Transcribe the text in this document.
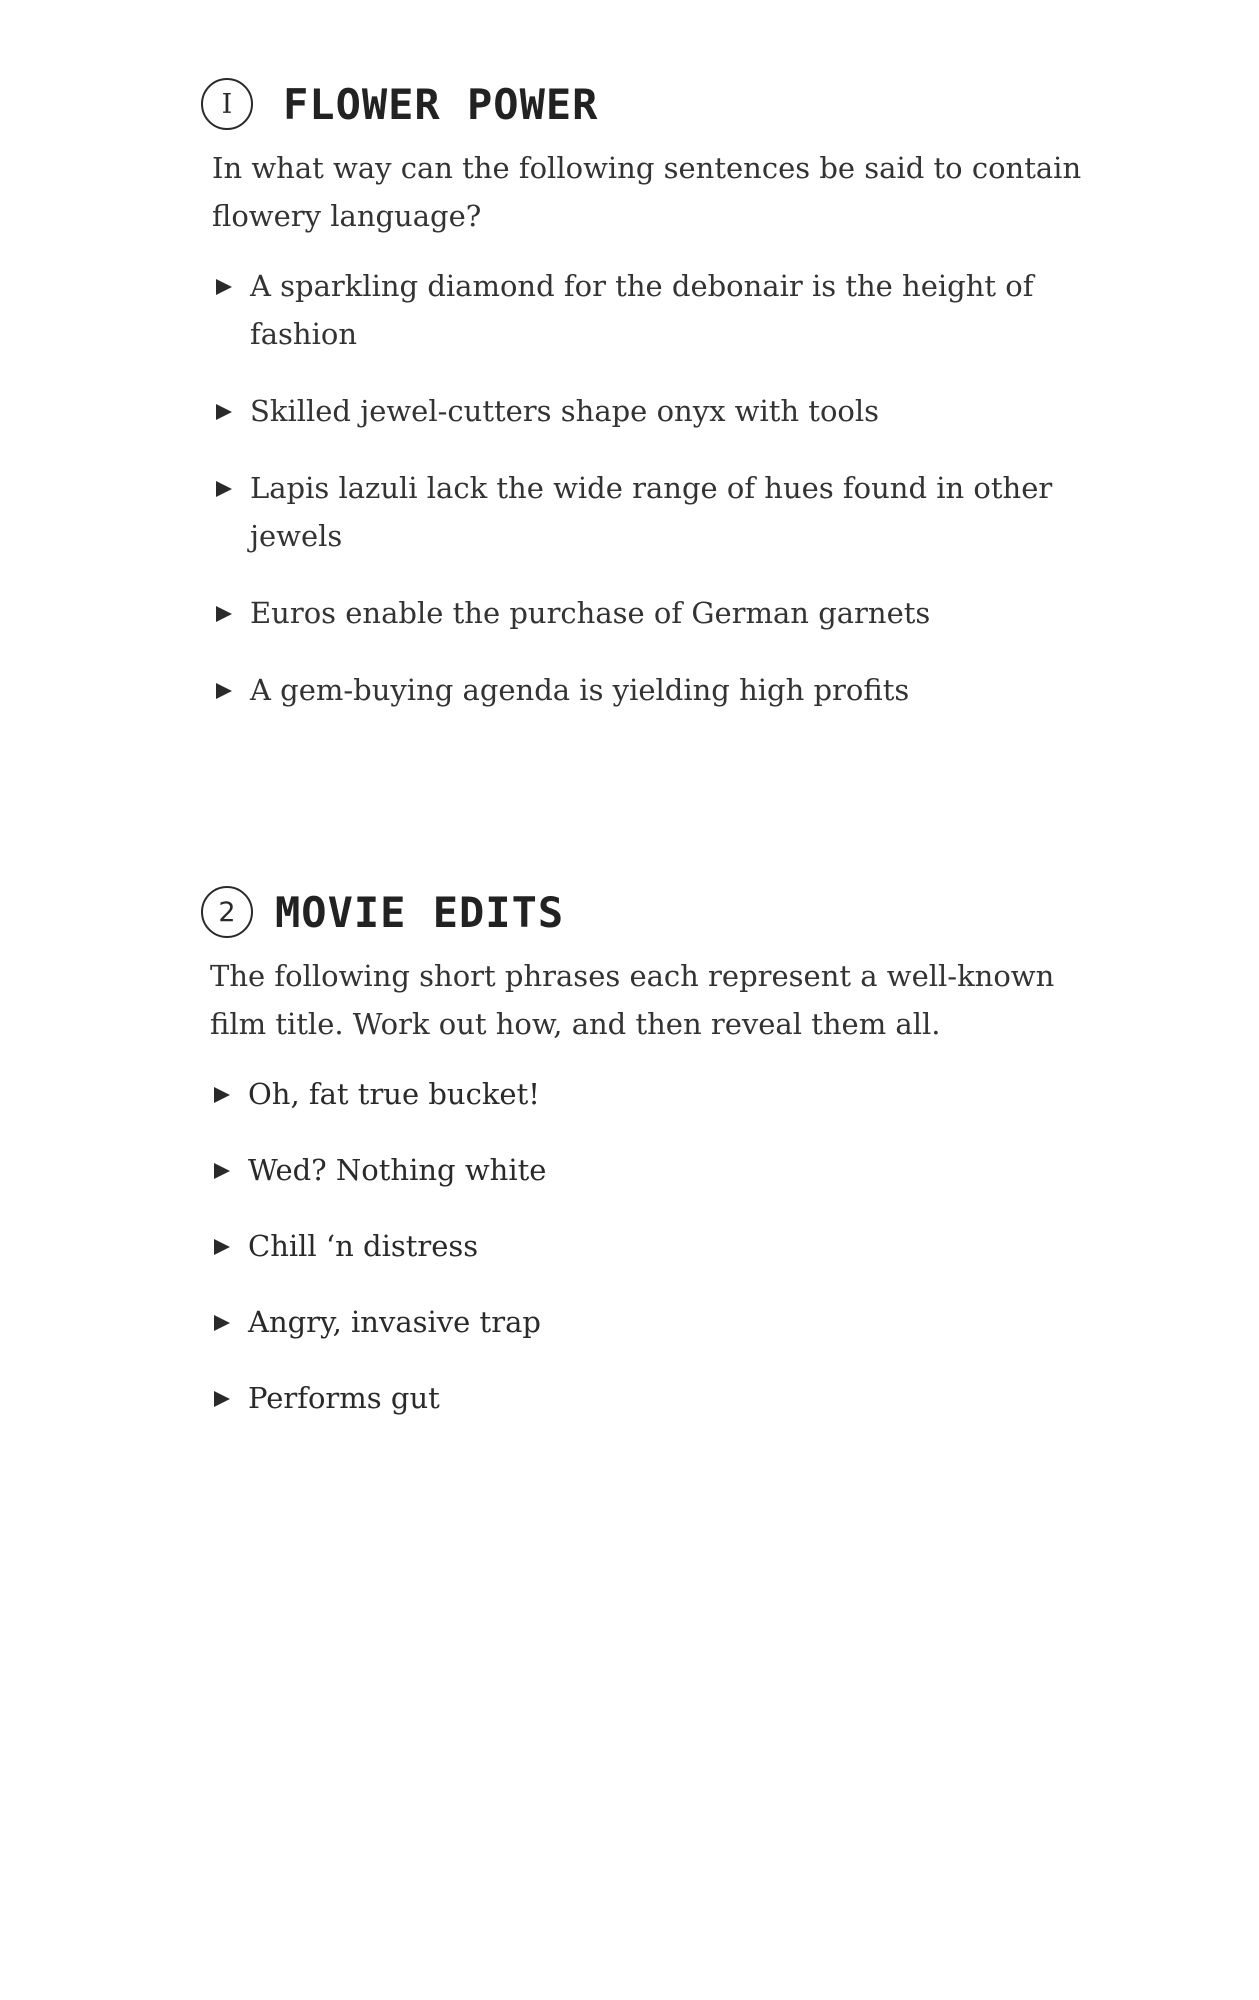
I	FLOWER POWER

In what way can the following sentences be said to contain flowery language?

A sparkling diamond for the debonair is the height of fashion
Skilled jewel-cutters shape onyx with tools
Lapis lazuli lack the wide range of hues found in other jewels
Euros enable the purchase of German garnets
A gem-buying agenda is yielding high profits
2 MOVIE EDITS

The following short phrases each represent a well-known film title. Work out how, and then reveal them all.

Oh, fat true bucket!
Wed? Nothing white
Chill ‘n distress
Angry, invasive trap
Performs gut
